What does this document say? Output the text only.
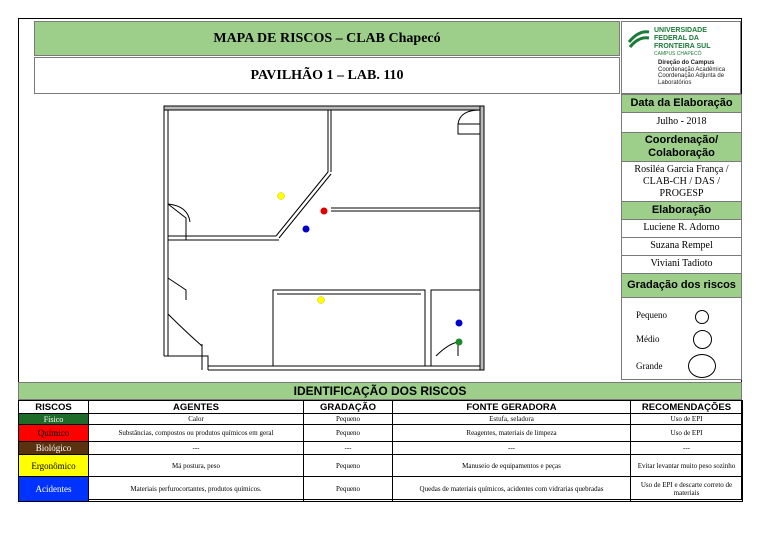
MAPA DE RISCOS – CLAB Chapecó
PAVILHÃO 1 – LAB. 110
UNIVERSIDADE
FEDERAL DA
FRONTEIRA SUL
CAMPUS CHAPECÓ
Direção do Campus
Coordenação Acadêmica
Coordenação Adjunta de
Laboratórios
Data da Elaboração
Julho - 2018
Coordenação/ Colaboração
Rosiléa Garcia França / CLAB-CH / DAS / PROGESP
Elaboração
Luciene R. Adorno
Suzana Rempel
Viviani Tadioto
Gradação dos riscos
Pequeno
Médio
Grande
IDENTIFICAÇÃO DOS RISCOS
RISCOS	AGENTES	GRADAÇÃO	FONTE GERADORA	RECOMENDAÇÕES
Físico	Calor	Pequeno	Estufa, seladora	Uso de EPI
Químico	Substâncias, compostos ou produtos químicos em geral	Pequeno	Reagentes, materiais de limpeza	Uso de EPI
Biológico	---	---	---	---
Ergonômico	Má postura, peso	Pequeno	Manuseio de equipamentos e peças	Evitar levantar muito peso sozinho
Acidentes	Materiais perfurocortantes, produtos químicos.	Pequeno	Quedas de materiais químicos, acidentes com vidrarias quebradas	Uso de EPI e descarte correto de materiais
